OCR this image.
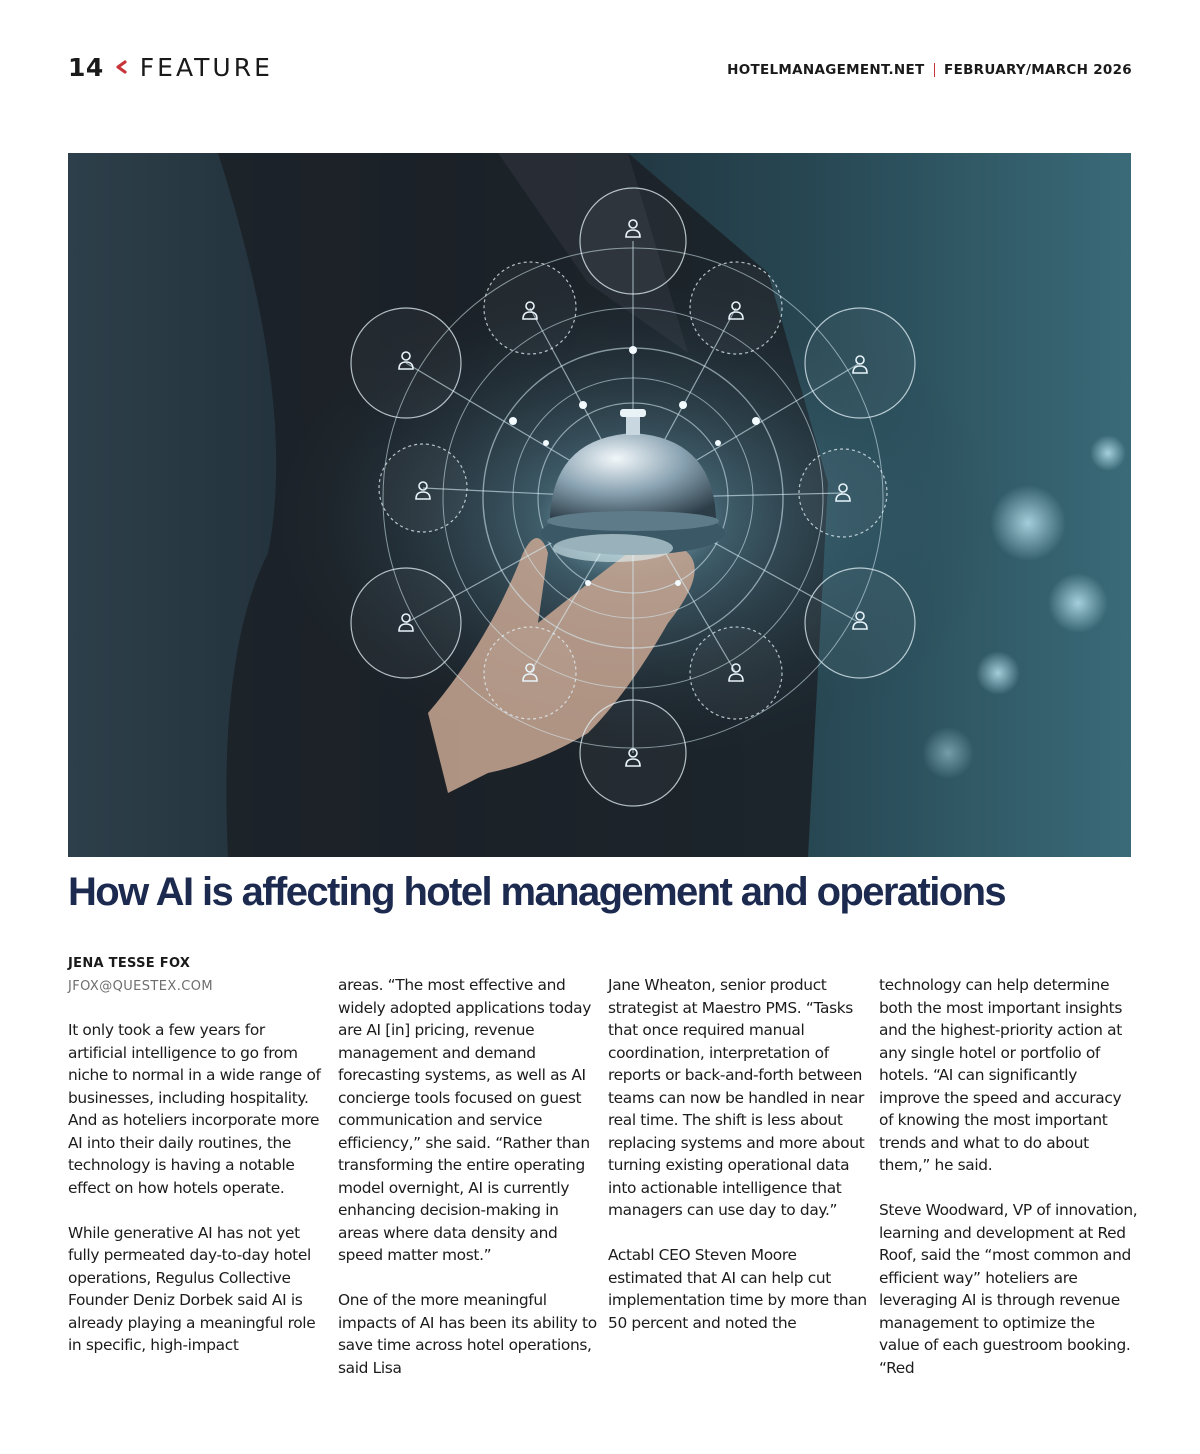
14 FEATURE	HOTELMANAGEMENT.NET FEBRUARY/MARCH 2026
How AI is affecting hotel management and operations
JENA TESSE FOX
JFOX@QUESTEX.COM

It only took a few years for artificial intelligence to go from niche to normal in a wide range of businesses, including hospitality. And as hoteliers incorporate more AI into their daily routines, the technology is having a notable effect on how hotels operate.

While generative AI has not yet fully permeated day-to-day hotel operations, Regulus Collective Founder Deniz Dorbek said AI is already playing a meaningful role in specific, high-impact

areas. “The most effective and widely adopted applications today are AI [in] pricing, revenue management and demand forecasting systems, as well as AI concierge tools focused on guest communication and service efficiency,” she said. “Rather than transforming the entire operating model overnight, AI is currently enhancing decision-making in areas where data density and speed matter most.”

One of the more meaningful impacts of AI has been its ability to save time across hotel operations, said Lisa

Jane Wheaton, senior product strategist at Maestro PMS. “Tasks that once required manual coordination, interpretation of reports or back-and-forth between teams can now be handled in near real time. The shift is less about replacing systems and more about turning existing operational data into actionable intelligence that managers can use day to day.”

Actabl CEO Steven Moore estimated that AI can help cut implementation time by more than 50 percent and noted the

technology can help determine both the most important insights and the highest-priority action at any single hotel or portfolio of hotels. “AI can significantly improve the speed and accuracy of knowing the most important trends and what to do about them,” he said.

Steve Woodward, VP of innovation, learning and development at Red Roof, said the “most common and efficient way” hoteliers are leveraging AI is through revenue management to optimize the value of each guestroom booking. “Red
